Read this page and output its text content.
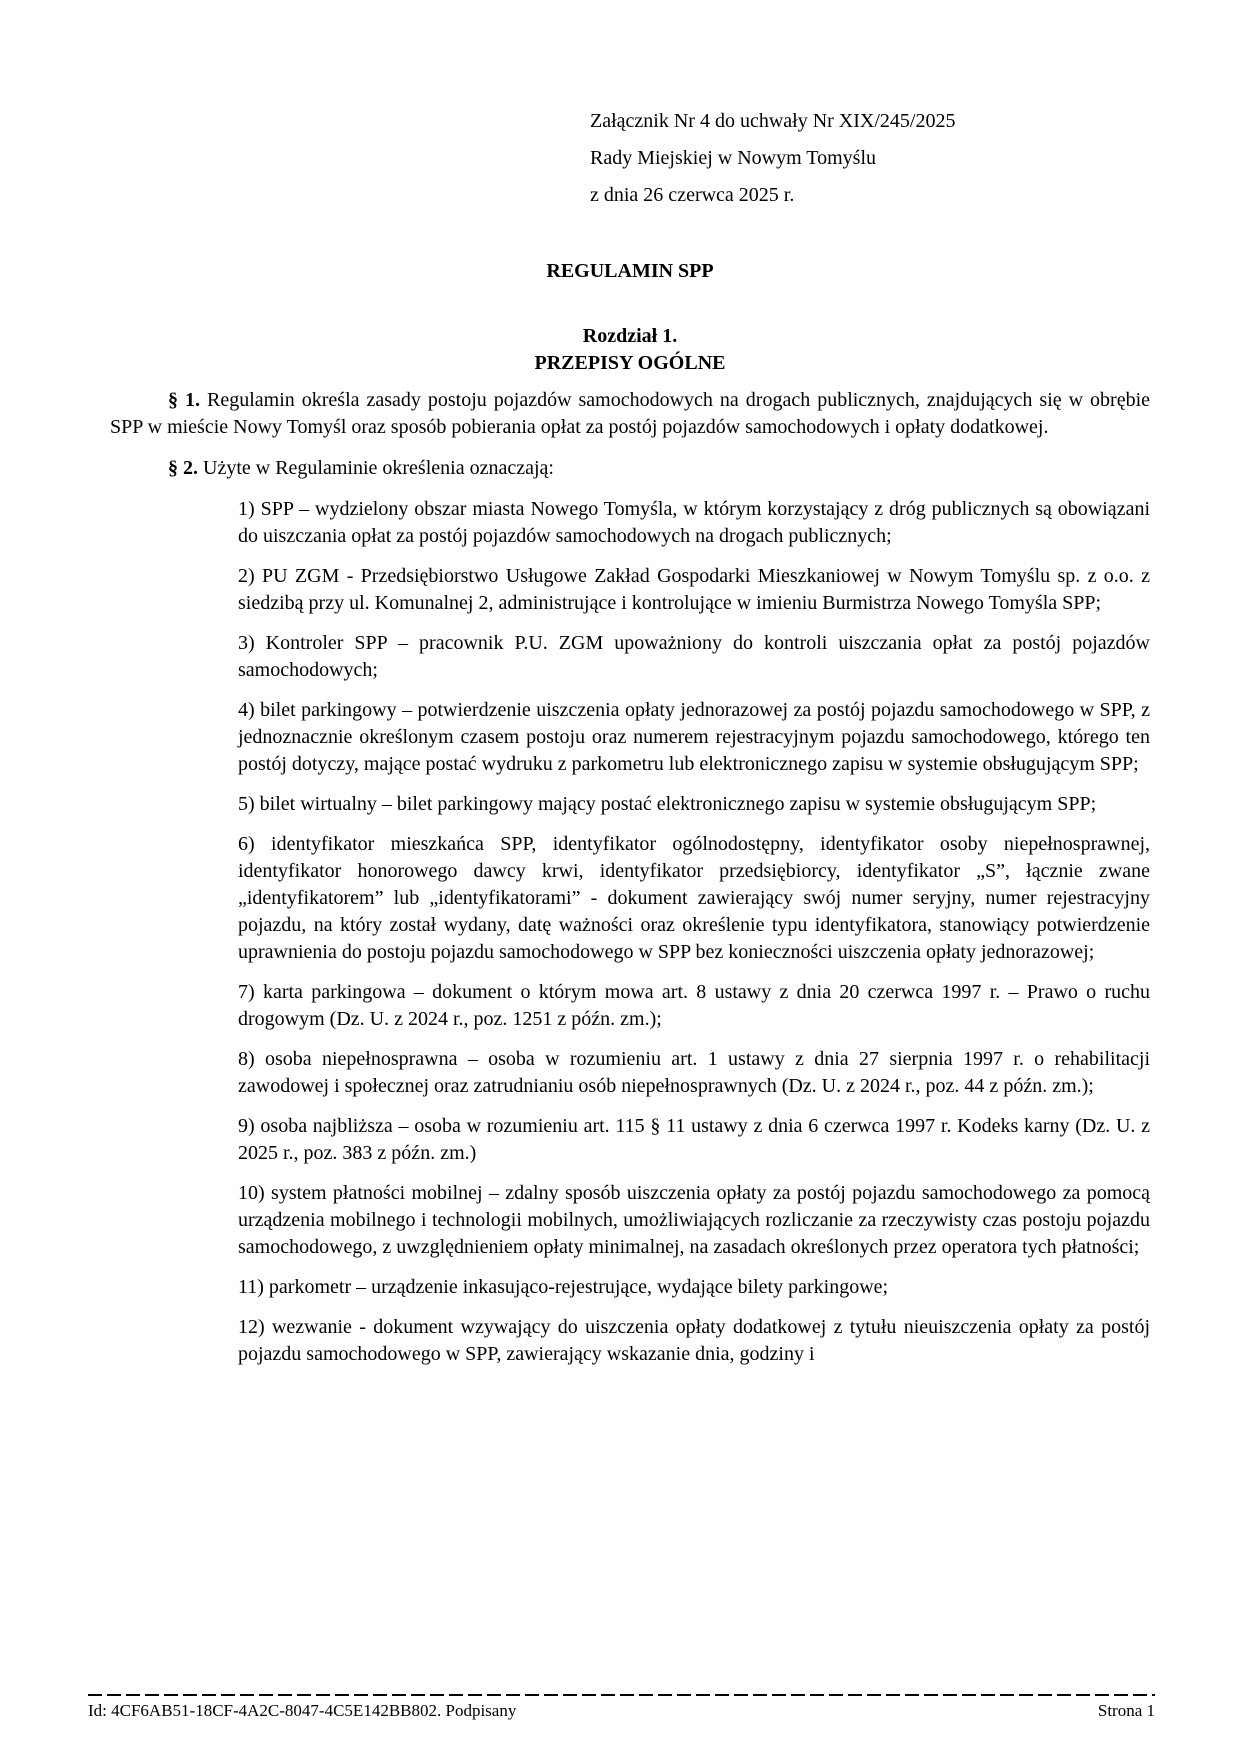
Załącznik Nr 4 do uchwały Nr XIX/245/2025
Rady Miejskiej w Nowym Tomyślu
z dnia 26 czerwca 2025 r.
REGULAMIN SPP
Rozdział 1.
PRZEPISY OGÓLNE

§ 1. Regulamin określa zasady postoju pojazdów samochodowych na drogach publicznych, znajdujących się w obrębie SPP w mieście Nowy Tomyśl oraz sposób pobierania opłat za postój pojazdów samochodowych i opłaty dodatkowej.

§ 2. Użyte w Regulaminie określenia oznaczają:

1) SPP – wydzielony obszar miasta Nowego Tomyśla, w którym korzystający z dróg publicznych są obowiązani do uiszczania opłat za postój pojazdów samochodowych na drogach publicznych;

2) PU ZGM - Przedsiębiorstwo Usługowe Zakład Gospodarki Mieszkaniowej w Nowym Tomyślu sp. z o.o. z siedzibą przy ul. Komunalnej 2, administrujące i kontrolujące w imieniu Burmistrza Nowego Tomyśla SPP;

3) Kontroler SPP – pracownik P.U. ZGM upoważniony do kontroli uiszczania opłat za postój pojazdów samochodowych;

4) bilet parkingowy – potwierdzenie uiszczenia opłaty jednorazowej za postój pojazdu samochodowego w SPP, z jednoznacznie określonym czasem postoju oraz numerem rejestracyjnym pojazdu samochodowego, którego ten postój dotyczy, mające postać wydruku z parkometru lub elektronicznego zapisu w systemie obsługującym SPP;

5) bilet wirtualny – bilet parkingowy mający postać elektronicznego zapisu w systemie obsługującym SPP;

6) identyfikator mieszkańca SPP, identyfikator ogólnodostępny, identyfikator osoby niepełnosprawnej, identyfikator honorowego dawcy krwi, identyfikator przedsiębiorcy, identyfikator „S”, łącznie zwane „identyfikatorem” lub „identyfikatorami” - dokument zawierający swój numer seryjny, numer rejestracyjny pojazdu, na który został wydany, datę ważności oraz określenie typu identyfikatora, stanowiący potwierdzenie uprawnienia do postoju pojazdu samochodowego w SPP bez konieczności uiszczenia opłaty jednorazowej;

7) karta parkingowa – dokument o którym mowa art. 8 ustawy z dnia 20 czerwca 1997 r. – Prawo o ruchu drogowym (Dz. U. z 2024 r., poz. 1251 z późn. zm.);

8) osoba niepełnosprawna – osoba w rozumieniu art. 1 ustawy z dnia 27 sierpnia 1997 r. o rehabilitacji zawodowej i społecznej oraz zatrudnianiu osób niepełnosprawnych (Dz. U. z 2024 r., poz. 44 z późn. zm.);

9) osoba najbliższa – osoba w rozumieniu art. 115 § 11 ustawy z dnia 6 czerwca 1997 r. Kodeks karny (Dz. U. z 2025 r., poz. 383 z późn. zm.)

10) system płatności mobilnej – zdalny sposób uiszczenia opłaty za postój pojazdu samochodowego za pomocą urządzenia mobilnego i technologii mobilnych, umożliwiających rozliczanie za rzeczywisty czas postoju pojazdu samochodowego, z uwzględnieniem opłaty minimalnej, na zasadach określonych przez operatora tych płatności;

11) parkometr – urządzenie inkasująco-rejestrujące, wydające bilety parkingowe;

12) wezwanie - dokument wzywający do uiszczenia opłaty dodatkowej z tytułu nieuiszczenia opłaty za postój pojazdu samochodowego w SPP, zawierający wskazanie dnia, godziny i

Id: 4CF6AB51-18CF-4A2C-8047-4C5E142BB802. Podpisany	Strona 1
